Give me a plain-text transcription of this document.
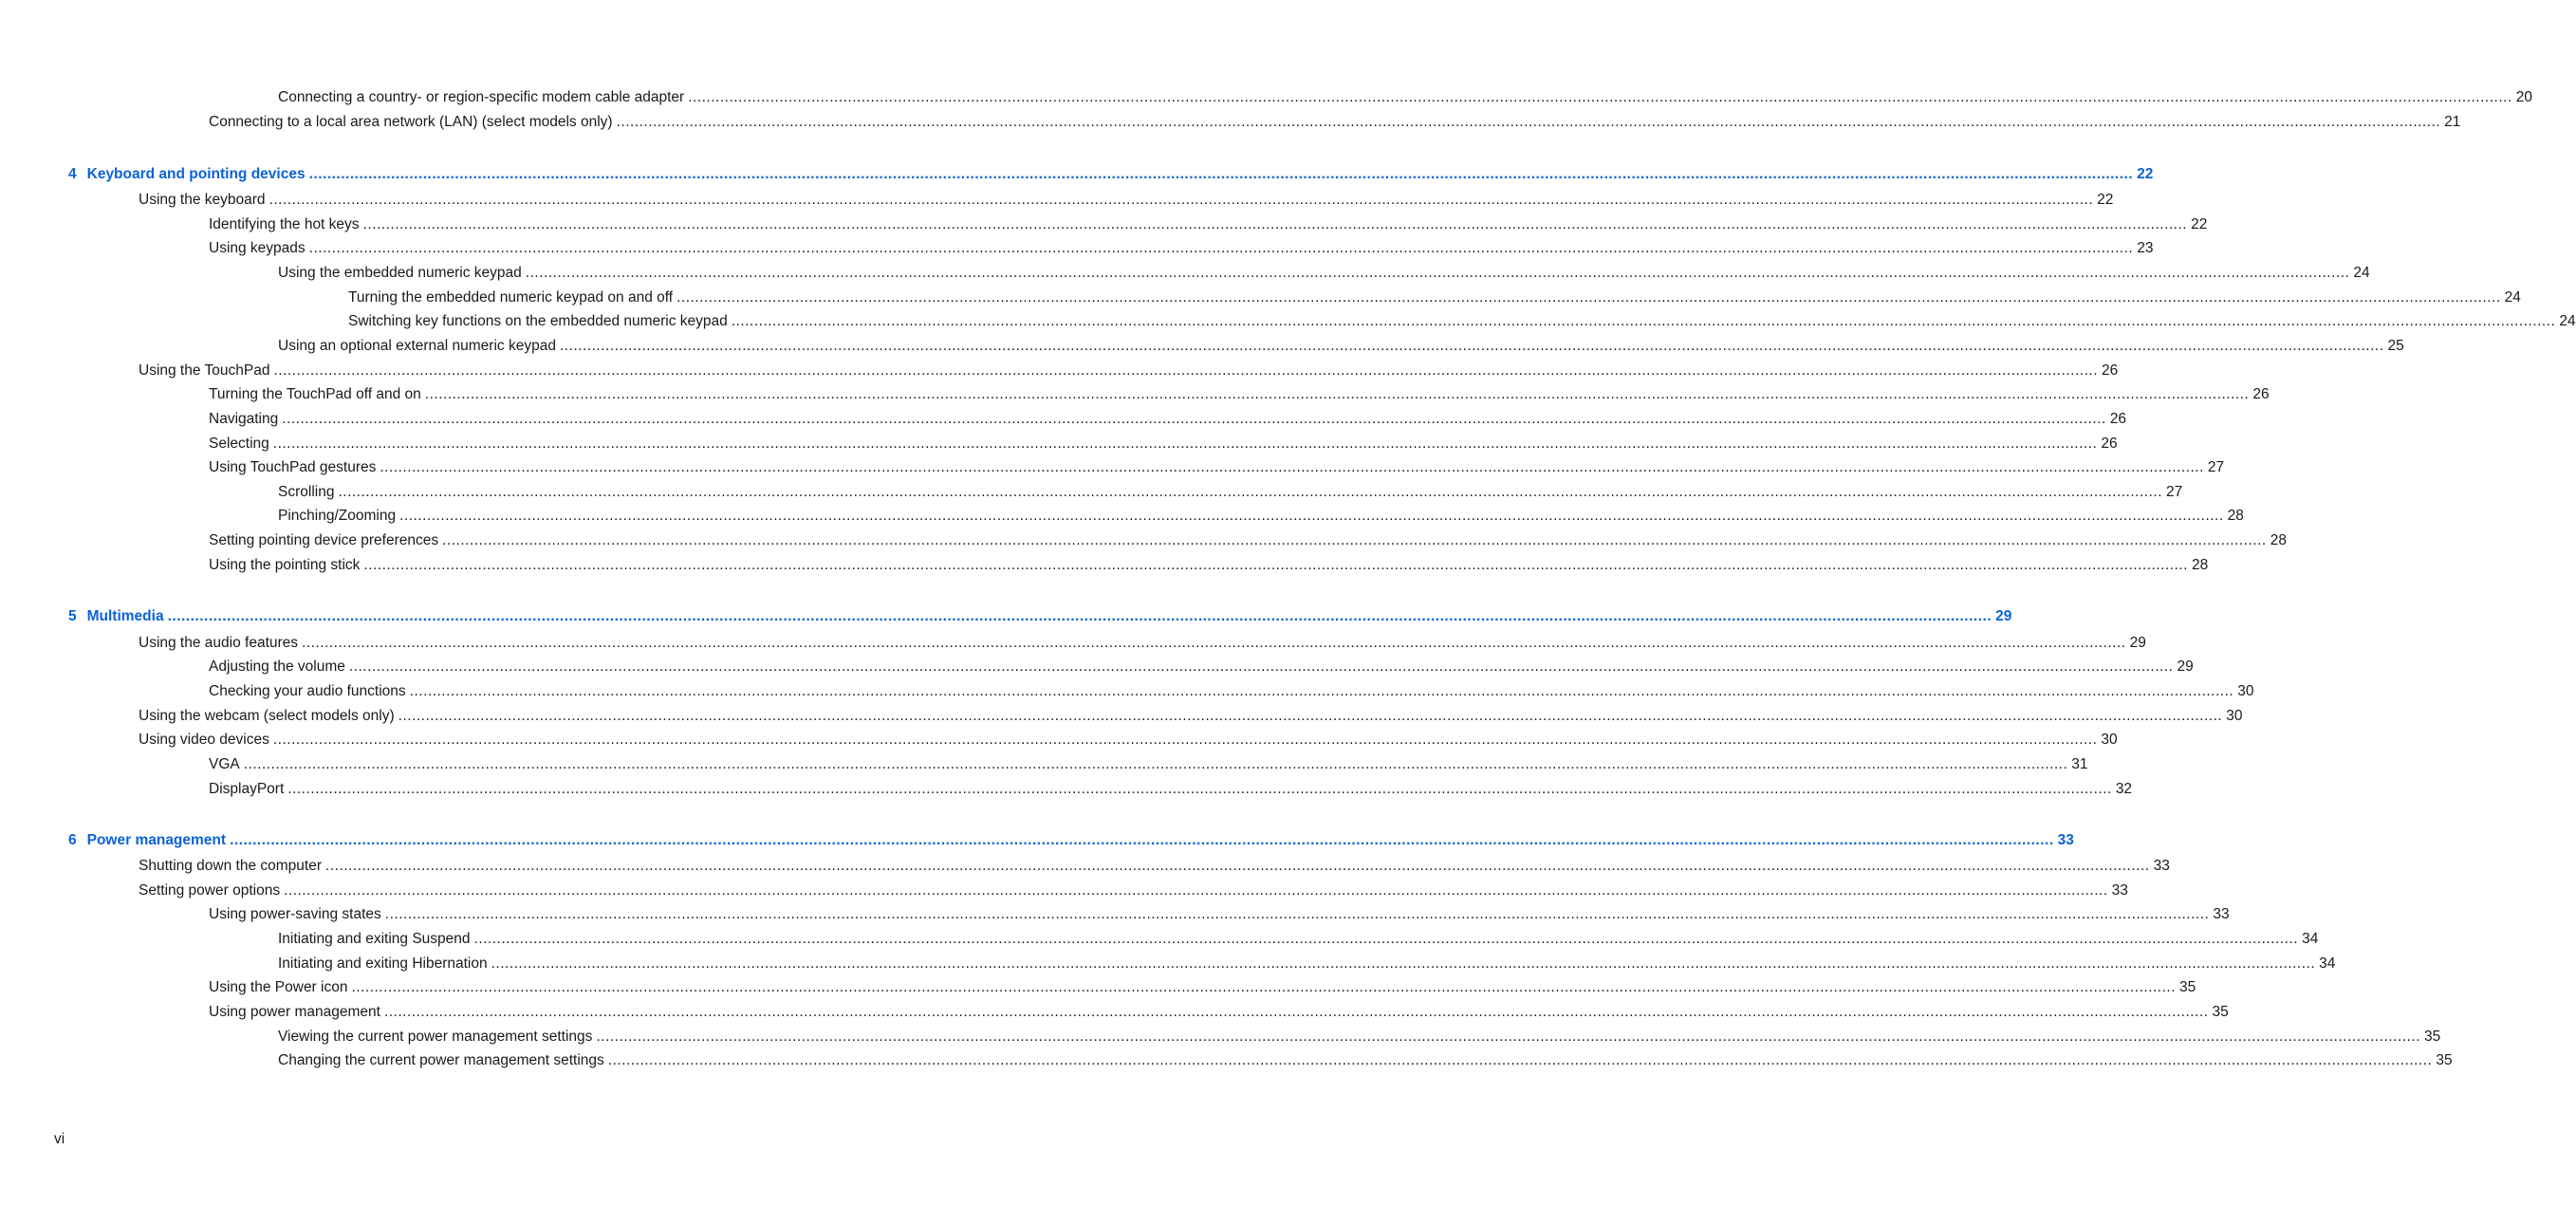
Connecting a country- or region-specific modem cable adapter ................................................................................................................................................................................................................................................................................................................................................................................................................ 20
Connecting to a local area network (LAN) (select models only) ................................................................................................................................................................................................................................................................................................................................................................................................................ 21
4 Keyboard and pointing devices ................................................................................................................................................................................................................................................................................................................................................................................................................ 22
Using the keyboard ................................................................................................................................................................................................................................................................................................................................................................................................................ 22
Identifying the hot keys ................................................................................................................................................................................................................................................................................................................................................................................................................ 22
Using keypads ................................................................................................................................................................................................................................................................................................................................................................................................................ 23
Using the embedded numeric keypad ................................................................................................................................................................................................................................................................................................................................................................................................................ 24
Turning the embedded numeric keypad on and off ................................................................................................................................................................................................................................................................................................................................................................................................................ 24
Switching key functions on the embedded numeric keypad ................................................................................................................................................................................................................................................................................................................................................................................................................ 24
Using an optional external numeric keypad ................................................................................................................................................................................................................................................................................................................................................................................................................ 25
Using the TouchPad ................................................................................................................................................................................................................................................................................................................................................................................................................ 26
Turning the TouchPad off and on ................................................................................................................................................................................................................................................................................................................................................................................................................ 26
Navigating ................................................................................................................................................................................................................................................................................................................................................................................................................ 26
Selecting ................................................................................................................................................................................................................................................................................................................................................................................................................ 26
Using TouchPad gestures ................................................................................................................................................................................................................................................................................................................................................................................................................ 27
Scrolling ................................................................................................................................................................................................................................................................................................................................................................................................................ 27
Pinching/Zooming ................................................................................................................................................................................................................................................................................................................................................................................................................ 28
Setting pointing device preferences ................................................................................................................................................................................................................................................................................................................................................................................................................ 28
Using the pointing stick ................................................................................................................................................................................................................................................................................................................................................................................................................ 28
5 Multimedia ................................................................................................................................................................................................................................................................................................................................................................................................................ 29
Using the audio features ................................................................................................................................................................................................................................................................................................................................................................................................................ 29
Adjusting the volume ................................................................................................................................................................................................................................................................................................................................................................................................................ 29
Checking your audio functions ................................................................................................................................................................................................................................................................................................................................................................................................................ 30
Using the webcam (select models only) ................................................................................................................................................................................................................................................................................................................................................................................................................ 30
Using video devices ................................................................................................................................................................................................................................................................................................................................................................................................................ 30
VGA ................................................................................................................................................................................................................................................................................................................................................................................................................ 31
DisplayPort ................................................................................................................................................................................................................................................................................................................................................................................................................ 32
6 Power management ................................................................................................................................................................................................................................................................................................................................................................................................................ 33
Shutting down the computer ................................................................................................................................................................................................................................................................................................................................................................................................................ 33
Setting power options ................................................................................................................................................................................................................................................................................................................................................................................................................ 33
Using power-saving states ................................................................................................................................................................................................................................................................................................................................................................................................................ 33
Initiating and exiting Suspend ................................................................................................................................................................................................................................................................................................................................................................................................................ 34
Initiating and exiting Hibernation ................................................................................................................................................................................................................................................................................................................................................................................................................ 34
Using the Power icon ................................................................................................................................................................................................................................................................................................................................................................................................................ 35
Using power management ................................................................................................................................................................................................................................................................................................................................................................................................................ 35
Viewing the current power management settings ................................................................................................................................................................................................................................................................................................................................................................................................................ 35
Changing the current power management settings ................................................................................................................................................................................................................................................................................................................................................................................................................ 35
vi
